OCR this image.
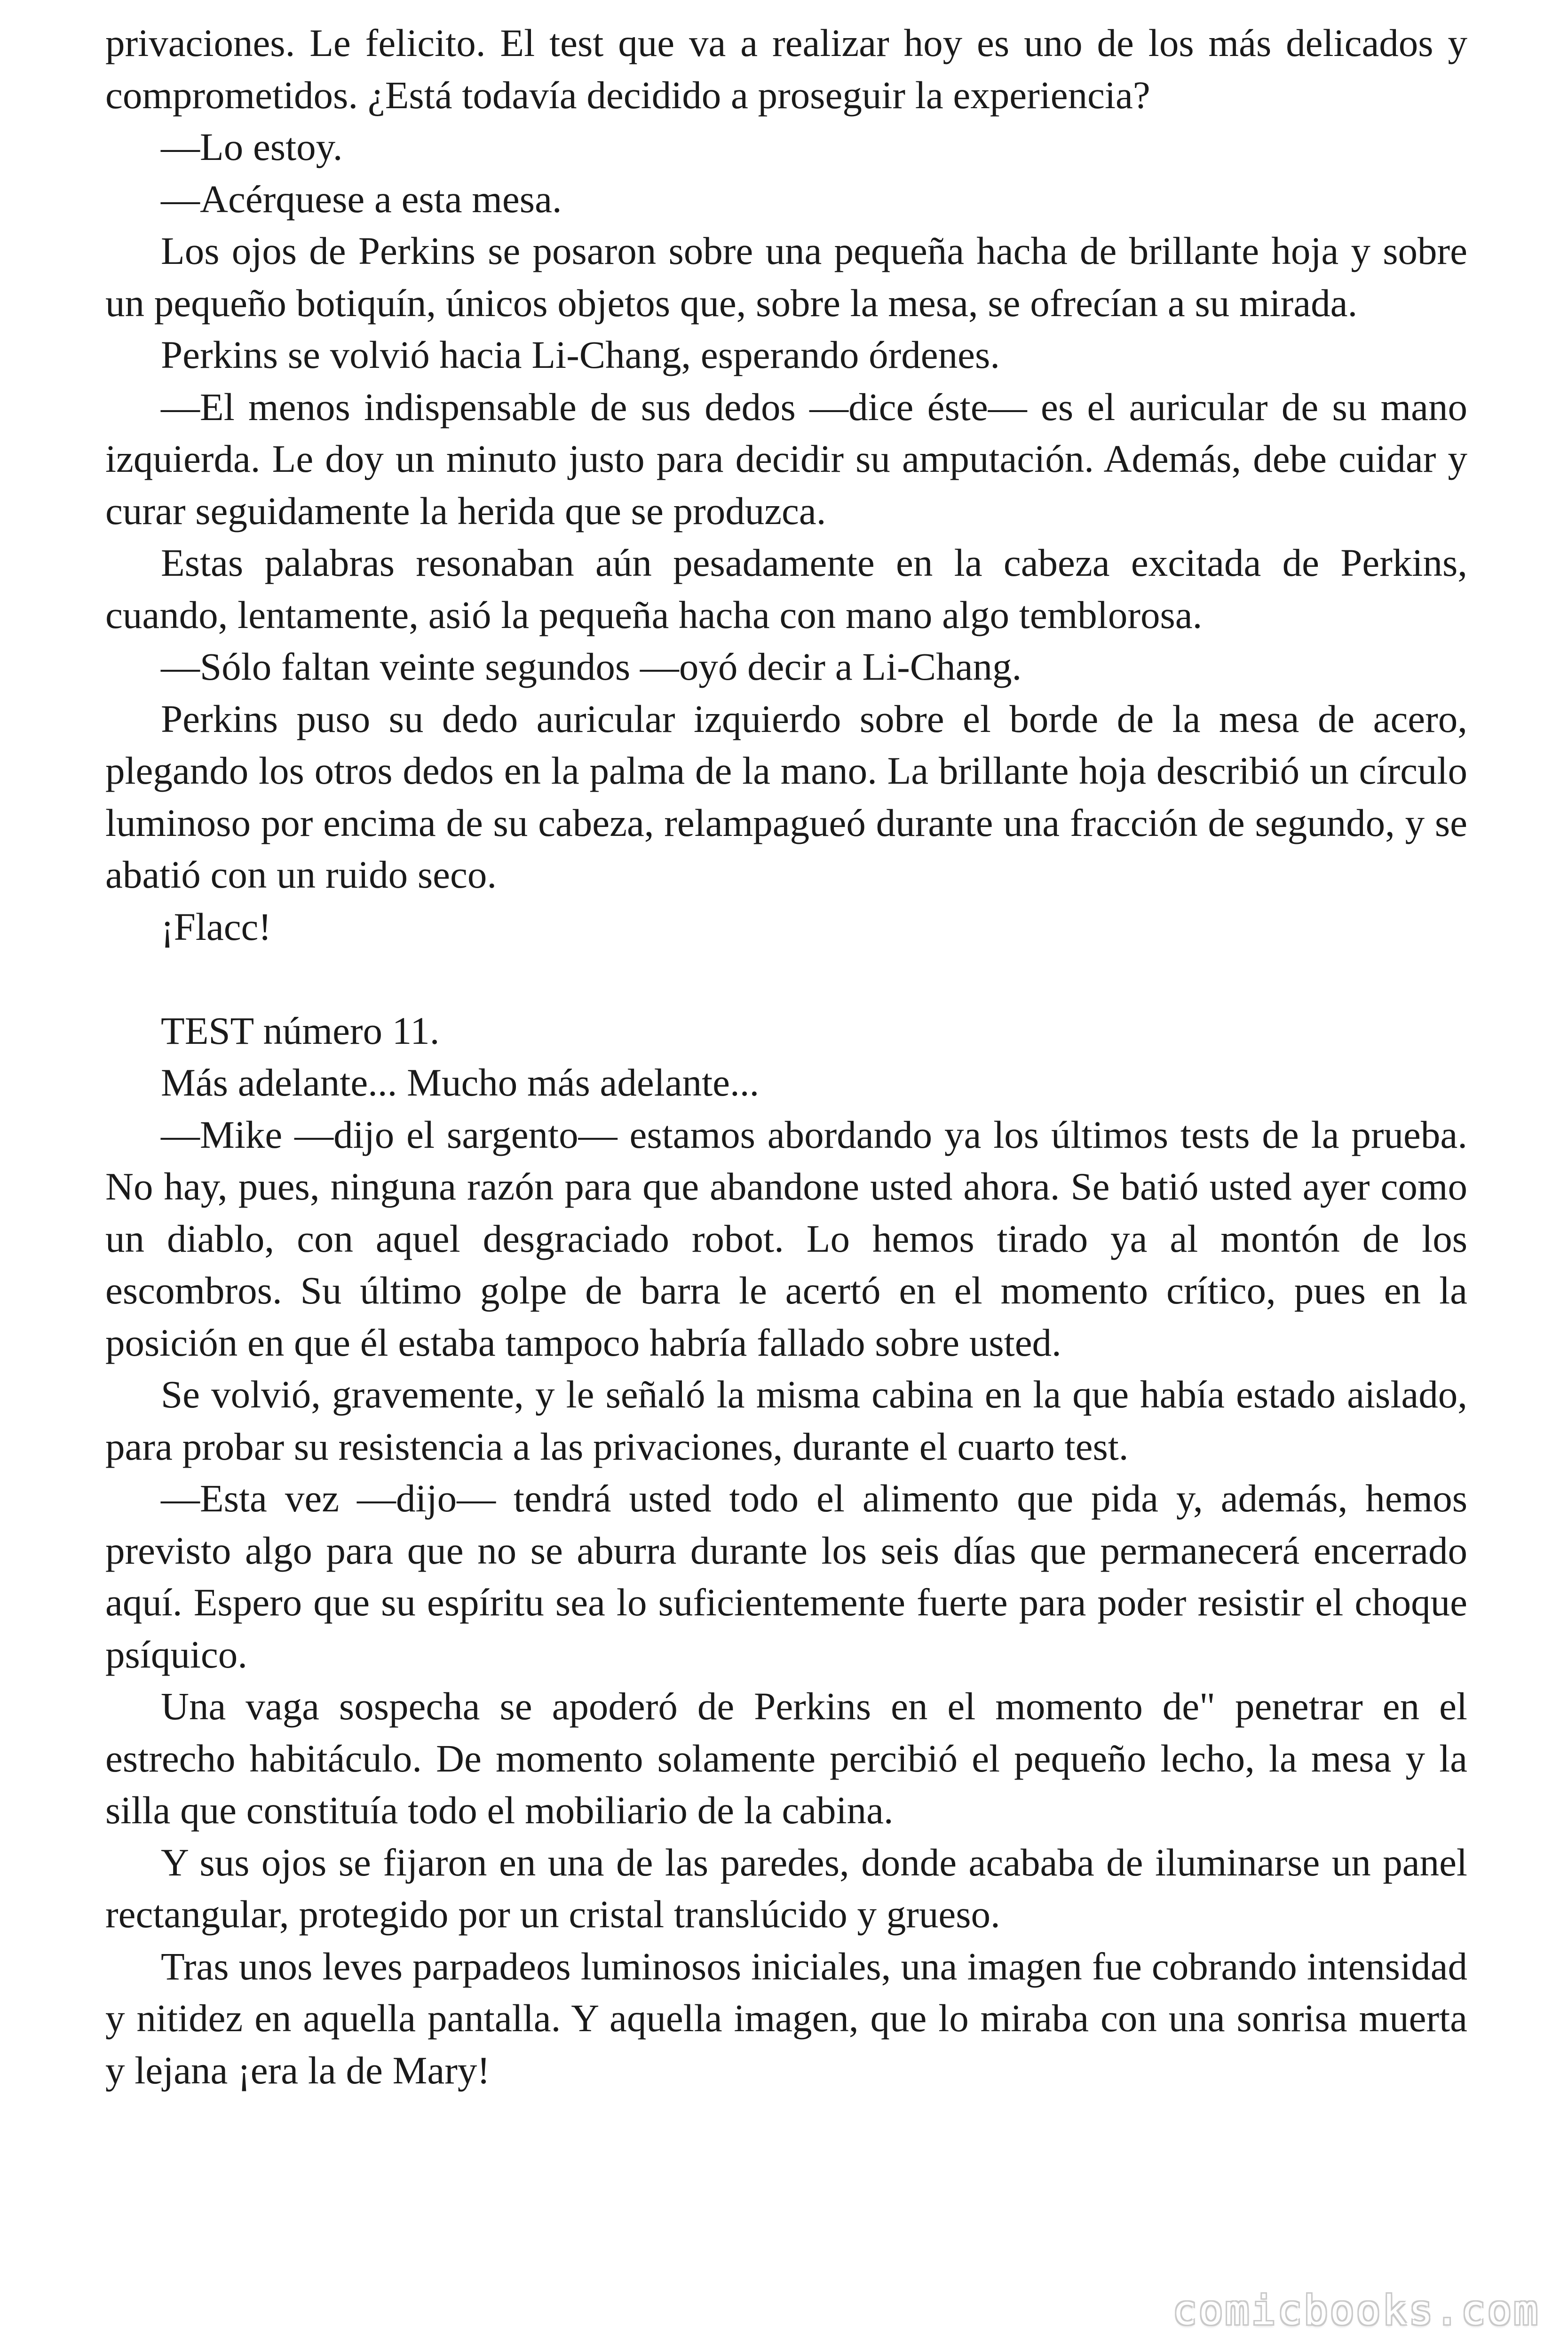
privaciones. Le felicito. El test que va a realizar hoy es uno de los más delicados y comprometidos. ¿Está todavía decidido a proseguir la experiencia?

—Lo estoy.

—Acérquese a esta mesa.

Los ojos de Perkins se posaron sobre una pequeña hacha de brillante hoja y sobre un pequeño botiquín, únicos objetos que, sobre la mesa, se ofrecían a su mirada.

Perkins se volvió hacia Li-Chang, esperando órdenes.

—El menos indispensable de sus dedos —dice éste— es el auricular de su mano izquierda. Le doy un minuto justo para decidir su amputación. Además, debe cuidar y curar seguidamente la herida que se produzca.

Estas palabras resonaban aún pesadamente en la cabeza excitada de Perkins, cuando, lentamente, asió la pequeña hacha con mano algo temblorosa.

—Sólo faltan veinte segundos —oyó decir a Li-Chang.

Perkins puso su dedo auricular izquierdo sobre el borde de la mesa de acero, plegando los otros dedos en la palma de la mano. La brillante hoja describió un círculo luminoso por encima de su cabeza, relampagueó durante una fracción de segundo, y se abatió con un ruido seco.

¡Flacc!

TEST número 11.

Más adelante... Mucho más adelante...

—Mike —dijo el sargento— estamos abordando ya los últimos tests de la prueba. No hay, pues, ninguna razón para que abandone usted ahora. Se batió usted ayer como un diablo, con aquel desgraciado robot. Lo hemos tirado ya al montón de los escombros. Su último golpe de barra le acertó en el momento crítico, pues en la posición en que él estaba tampoco habría fallado sobre usted.

Se volvió, gravemente, y le señaló la misma cabina en la que había estado aislado, para probar su resistencia a las privaciones, durante el cuarto test.

—Esta vez —dijo— tendrá usted todo el alimento que pida y, además, hemos previsto algo para que no se aburra durante los seis días que permanecerá encerrado aquí. Espero que su espíritu sea lo suficientemente fuerte para poder resistir el choque psíquico.

Una vaga sospecha se apoderó de Perkins en el momento de" penetrar en el estrecho habitáculo. De momento solamente percibió el pequeño lecho, la mesa y la silla que constituía todo el mobiliario de la cabina.

Y sus ojos se fijaron en una de las paredes, donde acababa de iluminarse un panel rectangular, protegido por un cristal translúcido y grueso.

Tras unos leves parpadeos luminosos iniciales, una imagen fue cobrando intensidad y nitidez en aquella pantalla. Y aquella imagen, que lo miraba con una sonrisa muerta y lejana ¡era la de Mary!

comicbooks.com
